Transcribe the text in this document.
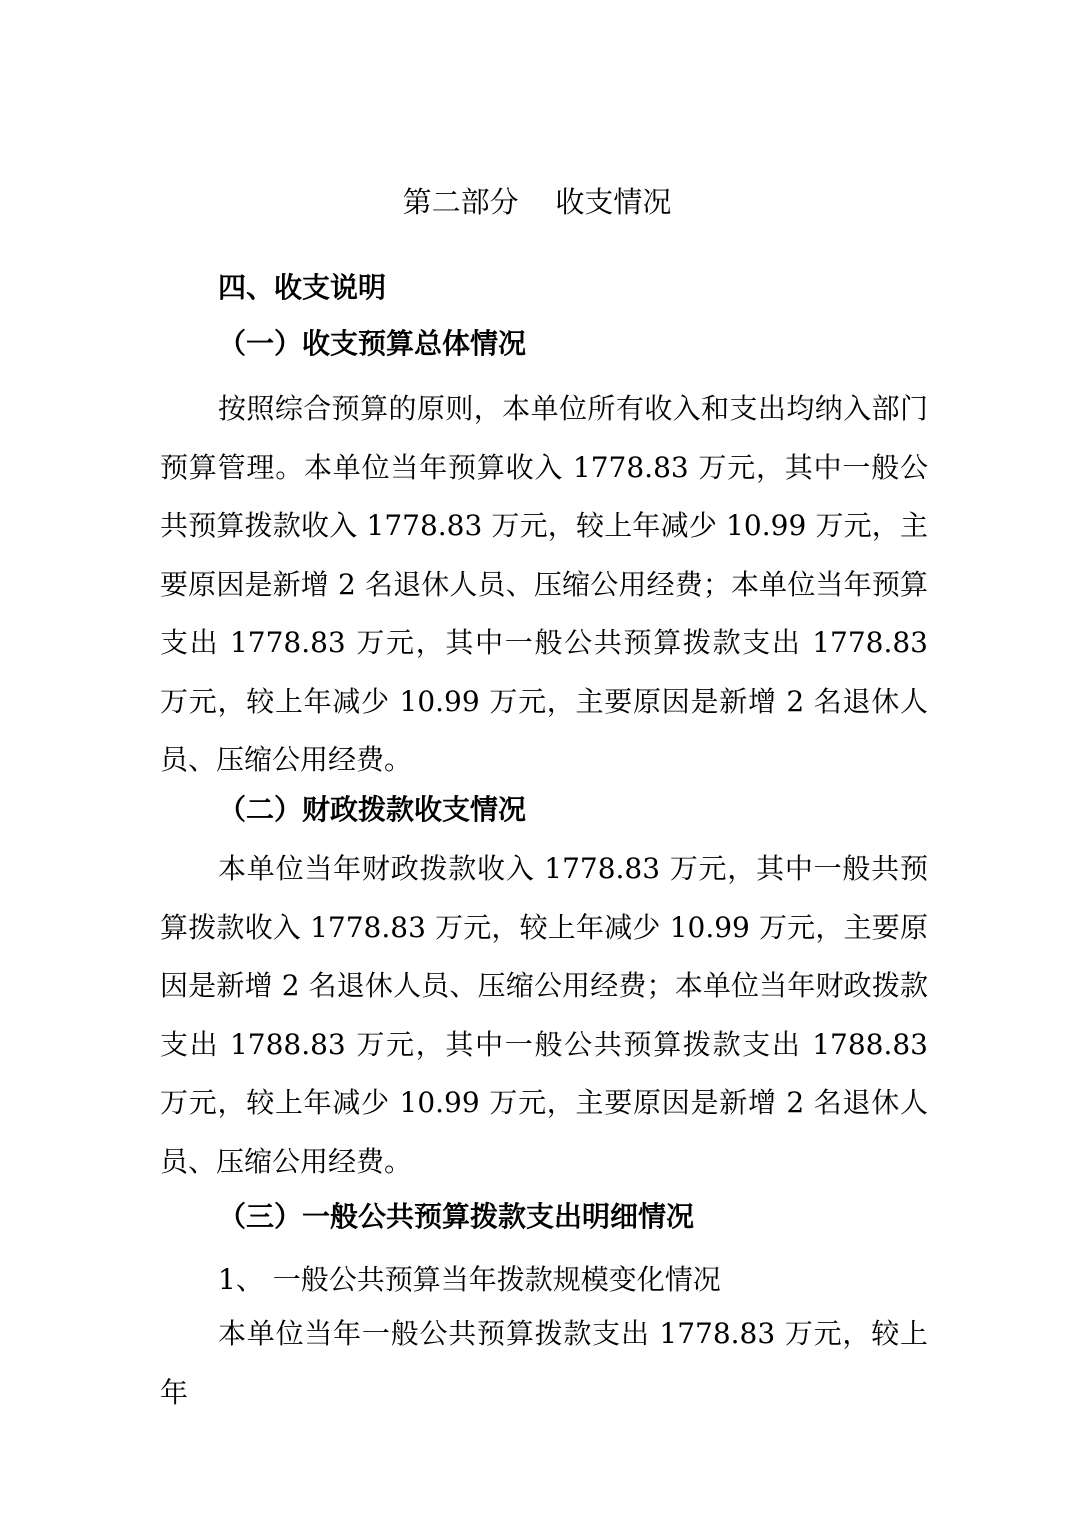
第二部分    收支情况
四、收支说明
（一）收支预算总体情况
按照综合预算的原则，本单位所有收入和支出均纳入部门预算管理。本单位当年预算收入 1778.83 万元，其中一般公共预算拨款收入 1778.83 万元，较上年减少 10.99 万元，主要原因是新增 2 名退休人员、压缩公用经费；本单位当年预算支出 1778.83 万元，其中一般公共预算拨款支出 1778.83 万元，较上年减少 10.99 万元，主要原因是新增 2 名退休人员、压缩公用经费。
（二）财政拨款收支情况
本单位当年财政拨款收入 1778.83 万元，其中一般共预算拨款收入 1778.83 万元，较上年减少 10.99 万元，主要原因是新增 2 名退休人员、压缩公用经费；本单位当年财政拨款支出 1788.83 万元，其中一般公共预算拨款支出 1788.83 万元，较上年减少 10.99 万元，主要原因是新增 2 名退休人员、压缩公用经费。
（三）一般公共预算拨款支出明细情况
1、 一般公共预算当年拨款规模变化情况
本单位当年一般公共预算拨款支出 1778.83 万元，较上年
